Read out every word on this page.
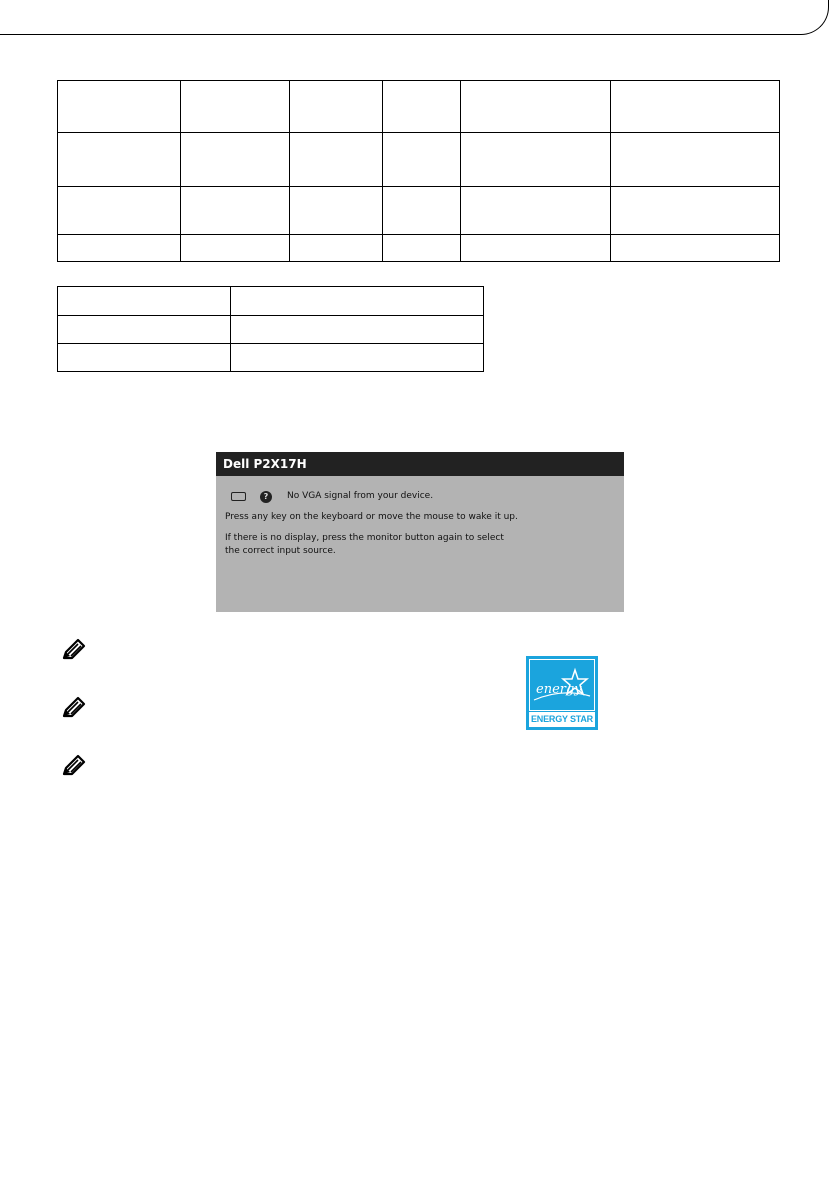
Dell P2X17H
?	No VGA signal from your device.
Press any key on the keyboard or move the mouse to wake it up.
If there is no display, press the monitor button again to select
the correct input source.
energy
ENERGY STAR
